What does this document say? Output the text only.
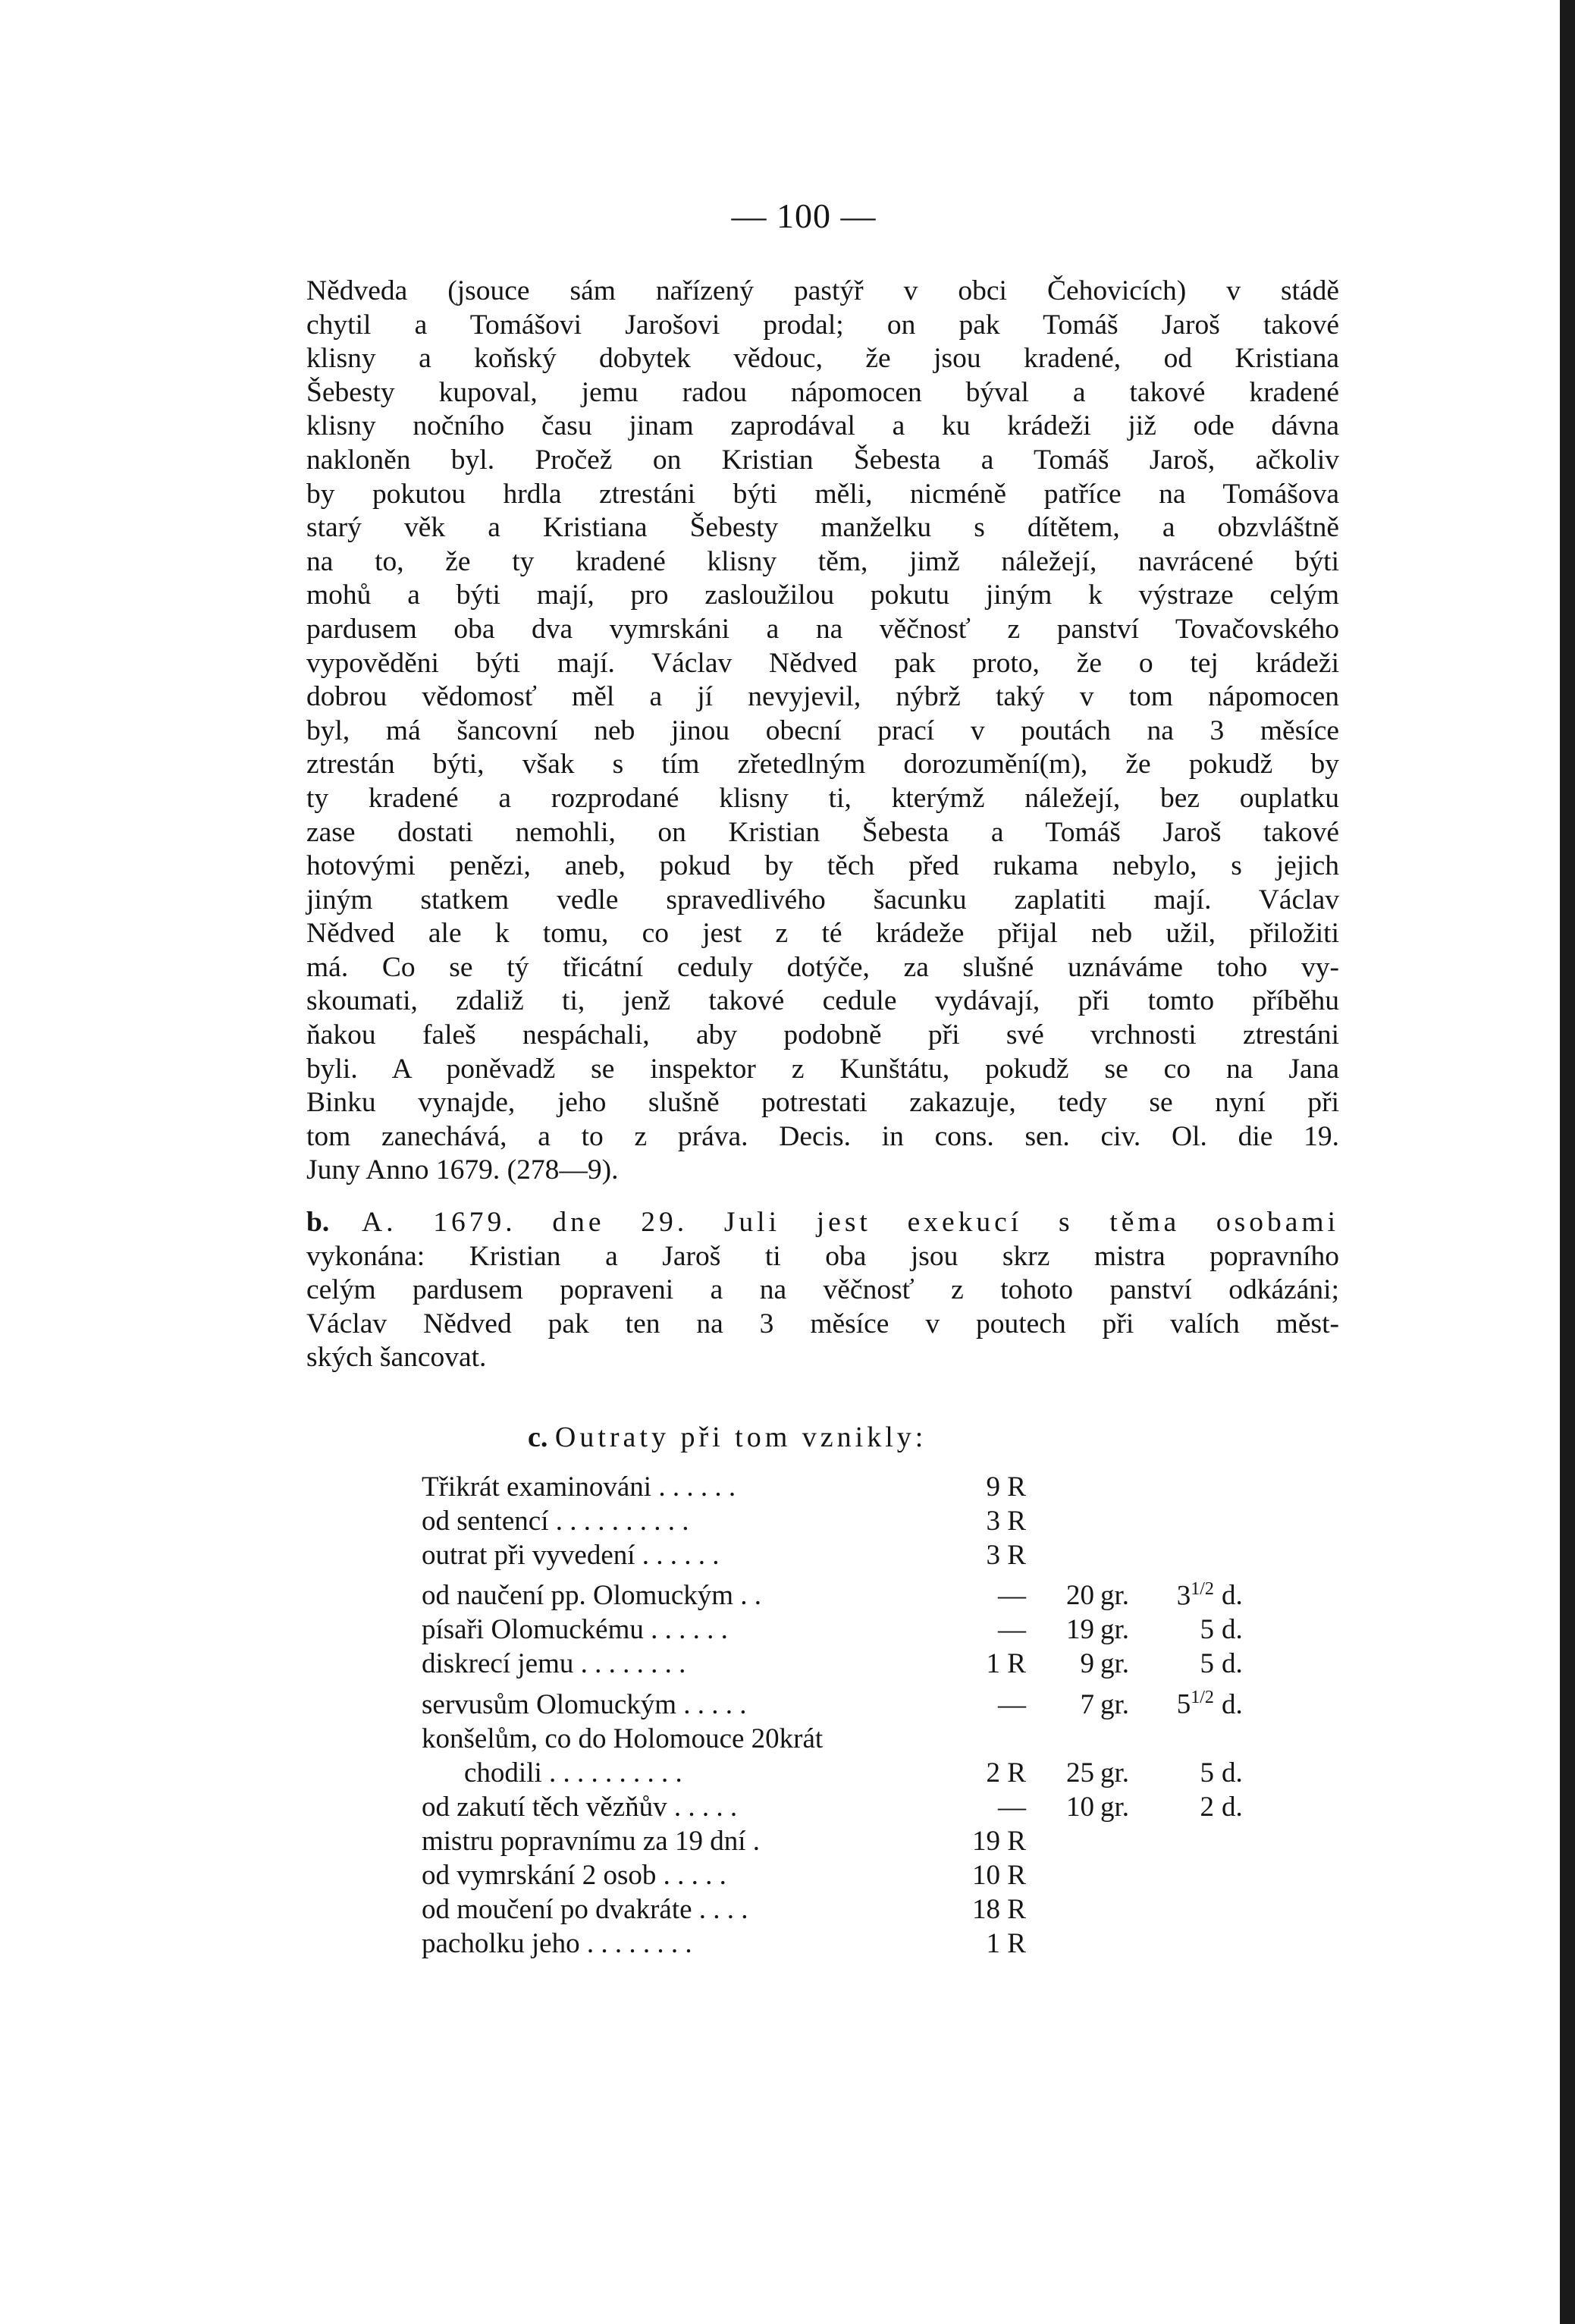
— 100 —
Nědveda (jsouce sám nařízený pastýř v obci Čehovicích) v stádě
chytil a Tomášovi Jarošovi prodal; on pak Tomáš Jaroš takové
klisny a koňský dobytek vědouc, že jsou kradené, od Kristiana
Šebesty kupoval, jemu radou nápomocen býval a takové kradené
klisny nočního času jinam zaprodával a ku krádeži již ode dávna
nakloněn byl. Pročež on Kristian Šebesta a Tomáš Jaroš, ačkoliv
by pokutou hrdla ztrestáni býti měli, nicméně patříce na Tomášova
starý věk a Kristiana Šebesty manželku s dítětem, a obzvláštně
na to, že ty kradené klisny těm, jimž náležejí, navrácené býti
mohů a býti mají, pro zasloužilou pokutu jiným k výstraze celým
pardusem oba dva vymrskáni a na věčnosť z panství Tovačovského
vypověděni býti mají. Václav Nědved pak proto, že o tej krádeži
dobrou vědomosť měl a jí nevyjevil, nýbrž taký v tom nápomocen
byl, má šancovní neb jinou obecní prací v poutách na 3 měsíce
ztrestán býti, však s tím zřetedlným dorozumění(m), že pokudž by
ty kradené a rozprodané klisny ti, kterýmž náležejí, bez ouplatku
zase dostati nemohli, on Kristian Šebesta a Tomáš Jaroš takové
hotovými penězi, aneb, pokud by těch před rukama nebylo, s jejich
jiným statkem vedle spravedlivého šacunku zaplatiti mají. Václav
Nědved ale k tomu, co jest z té krádeže přijal neb užil, přiložiti
má. Co se tý třicátní ceduly dotýče, za slušné uznáváme toho vy-
skoumati, zdaliž ti, jenž takové cedule vydávají, při tomto příběhu
ňakou faleš nespáchali, aby podobně při své vrchnosti ztrestáni
byli. A poněvadž se inspektor z Kunštátu, pokudž se co na Jana
Binku vynajde, jeho slušně potrestati zakazuje, tedy se nyní při
tom zanechává, a to z práva. Decis. in cons. sen. civ. Ol. die 19.
Juny Anno 1679. (278—9).
b. A. 1679. dne 29. Juli jest exekucí s těma osobami
vykonána: Kristian a Jaroš ti oba jsou skrz mistra popravního
celým pardusem popraveni a na věčnosť z tohoto panství odkázáni;
Václav Nědved pak ten na 3 měsíce v poutech při valích měst-
ských šancovat.
c. Outraty při tom vznikly:
Třikrát examinováni . . . . . .	9 R				
od sentencí . . . . . . . . . .	3 R				
outrat při vyvedení . . . . . .	3 R				
od naučení pp. Olomuckým . .	—	20	gr.	$3^{1/2}$	d.
písaři Olomuckému . . . . . .	—	19	gr.	5	d.
diskrecí jemu . . . . . . . .	1 R	9	gr.	5	d.
servusům Olomuckým . . . . .	—	7	gr.	$5^{1/2}$	d.
konšelům, co do Holomouce 20krát					
chodili . . . . . . . . . .	2 R	25	gr.	5	d.
od zakutí těch vězňův . . . . .	—	10	gr.	2	d.
mistru popravnímu za 19 dní .	19 R				
od vymrskání 2 osob . . . . .	10 R				
od moučení po dvakráte . . . .	18 R				
pacholku jeho . . . . . . . .	1 R				
